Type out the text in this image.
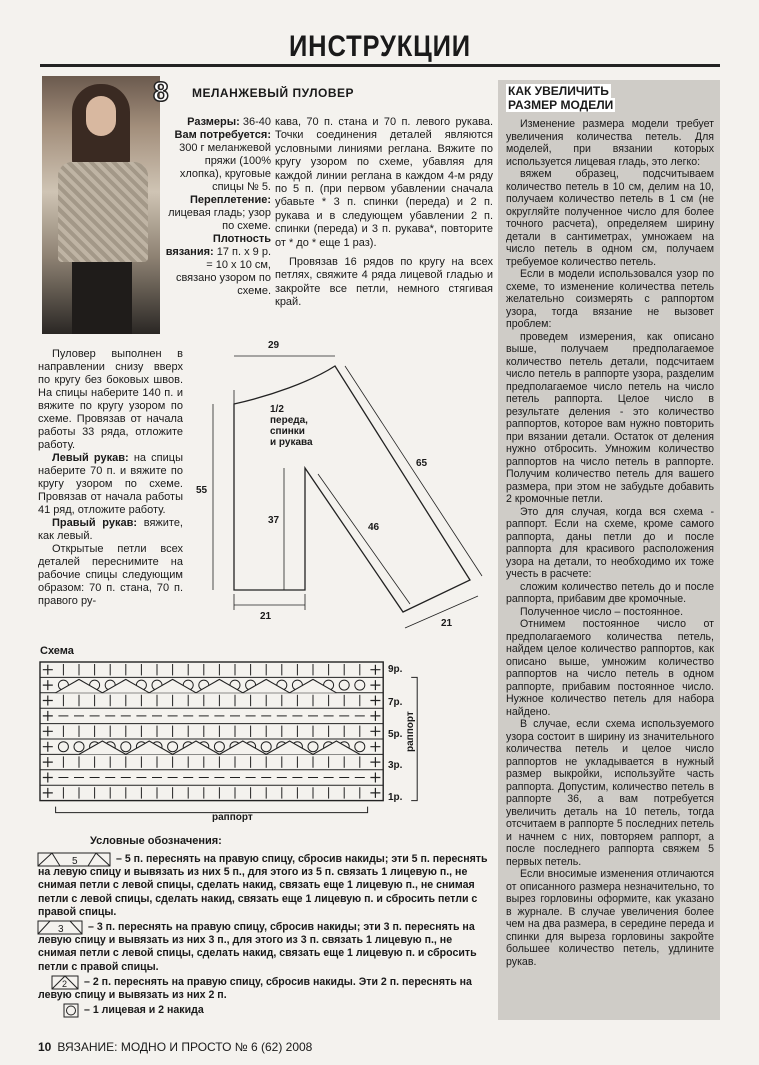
ИНСТРУКЦИИ
8 МЕЛАНЖЕВЫЙ ПУЛОВЕР
Размеры: 36-40
Вам потребуется: 300 г меланжевой пряжи (100% хлопка), круговые спицы № 5.
Переплетение: лицевая гладь; узор по схеме.
Плотность вязания: 17 п. х 9 р. = 10 х 10 см, связано узором по схеме.

кава, 70 п. стана и 70 п. левого рукава. Точки соединения деталей являются условными линиями реглана. Вяжите по кругу узором по схеме, убавляя для каждой линии реглана в каждом 4-м ряду по 5 п. (при первом убавлении сначала убавьте * 3 п. спинки (переда) и 2 п. рукава и в следующем убавлении 2 п. спинки (переда) и 3 п. рукава*, повторите от * до * еще 1 раз).

Провязав 16 рядов по кругу на всех петлях, свяжите 4 ряда лицевой гладью и закройте все петли, немного стягивая край.

Пуловер выполнен в направлении снизу вверх по кругу без боковых швов. На спицы наберите 140 п. и вяжите по кругу узором по схеме. Провязав от начала работы 33 ряда, отложите работу.

Левый рукав: на спицы наберите 70 п. и вяжите по кругу узором по схеме. Провязав от начала работы 41 ряд, отложите работу.

Правый рукав: вяжите, как левый.

Открытые петли всех деталей переснимите на рабочие спицы следующим образом: 70 п. стана, 70 п. правого ру-

5
3
2
29
55
37
21
65
46
21
1/2
переда,
спинки
и рукава
Схема
9р.
7р.
5р.
3р.
1р.
раппорт
раппорт
Условные обозначения:
– 5 п. переснять на правую спицу, сбросив накиды; эти 5 п. переснять на левую спицу и вывязать из них 5 п., для этого из 5 п. связать 1 лицевую п., не снимая петли с левой спицы, сделать накид, связать еще 1 лицевую п., не снимая петли с левой спицы, сделать накид, связать еще 1 лицевую п. и сбросить петли с правой спицы.
– 3 п. переснять на правую спицу, сбросив накиды; эти 3 п. переснять на левую спицу и вывязать из них 3 п., для этого из 3 п. связать 1 лицевую п., не снимая петли с левой спицы, сделать накид, связать еще 1 лицевую п. и сбросить петли с правой спицы.
– 2 п. переснять на правую спицу, сбросив накиды. Эти 2 п. переснять на левую спицу и вывязать из них 2 п.
– 1 лицевая и 2 накида
КАК УВЕЛИЧИТЬ
РАЗМЕР МОДЕЛИ

Изменение размера модели требует увеличения количества петель. Для моделей, при вязании которых используется лицевая гладь, это легко:

вяжем образец, подсчитываем количество петель в 10 см, делим на 10, получаем количество петель в 1 см (не округляйте полученное число для более точного расчета), определяем ширину детали в сантиметрах, умножаем на число петель в одном см, получаем требуемое количество петель.

Если в модели использовался узор по схеме, то изменение количества петель желательно соизмерять с раппортом узора, тогда вязание не вызовет проблем:

проведем измерения, как описано выше, получаем предполагаемое количество петель детали, подсчитаем число петель в раппорте узора, разделим предполагаемое число петель на число петель раппорта. Целое число в результате деления - это количество раппортов, которое вам нужно повторить при вязании детали. Остаток от деления нужно отбросить. Умножим количество раппортов на число петель в раппорте. Получим количество петель для вашего размера, при этом не забудьте добавить 2 кромочные петли.

Это для случая, когда вся схема - раппорт. Если на схеме, кроме самого раппорта, даны петли до и после раппорта для красивого расположения узора на детали, то необходимо их тоже учесть в расчете:

сложим количество петель до и после раппорта, прибавим две кромочные.

Полученное число – постоянное.

Отнимем постоянное число от предполагаемого количества петель, найдем целое количество раппортов, как описано выше, умножим количество раппортов на число петель в одном раппорте, прибавим постоянное число. Нужное количество петель для набора найдено.

В случае, если схема используемого узора состоит в ширину из значительного количества петель и целое число раппортов не укладывается в нужный размер выкройки, используйте часть раппорта. Допустим, количество петель в раппорте 36, а вам потребуется увеличить деталь на 10 петель, тогда отсчитаем в раппорте 5 последних петель и начнем с них, повторяем раппорт, а после последнего раппорта свяжем 5 первых петель.

Если вносимые изменения отличаются от описанного размера незначительно, то вырез горловины оформите, как указано в журнале. В случае увеличения более чем на два размера, в середине переда и спинки для выреза горловины закройте большее количество петель, удлините рукав.

10 ВЯЗАНИЕ: МОДНО И ПРОСТО № 6 (62) 2008
